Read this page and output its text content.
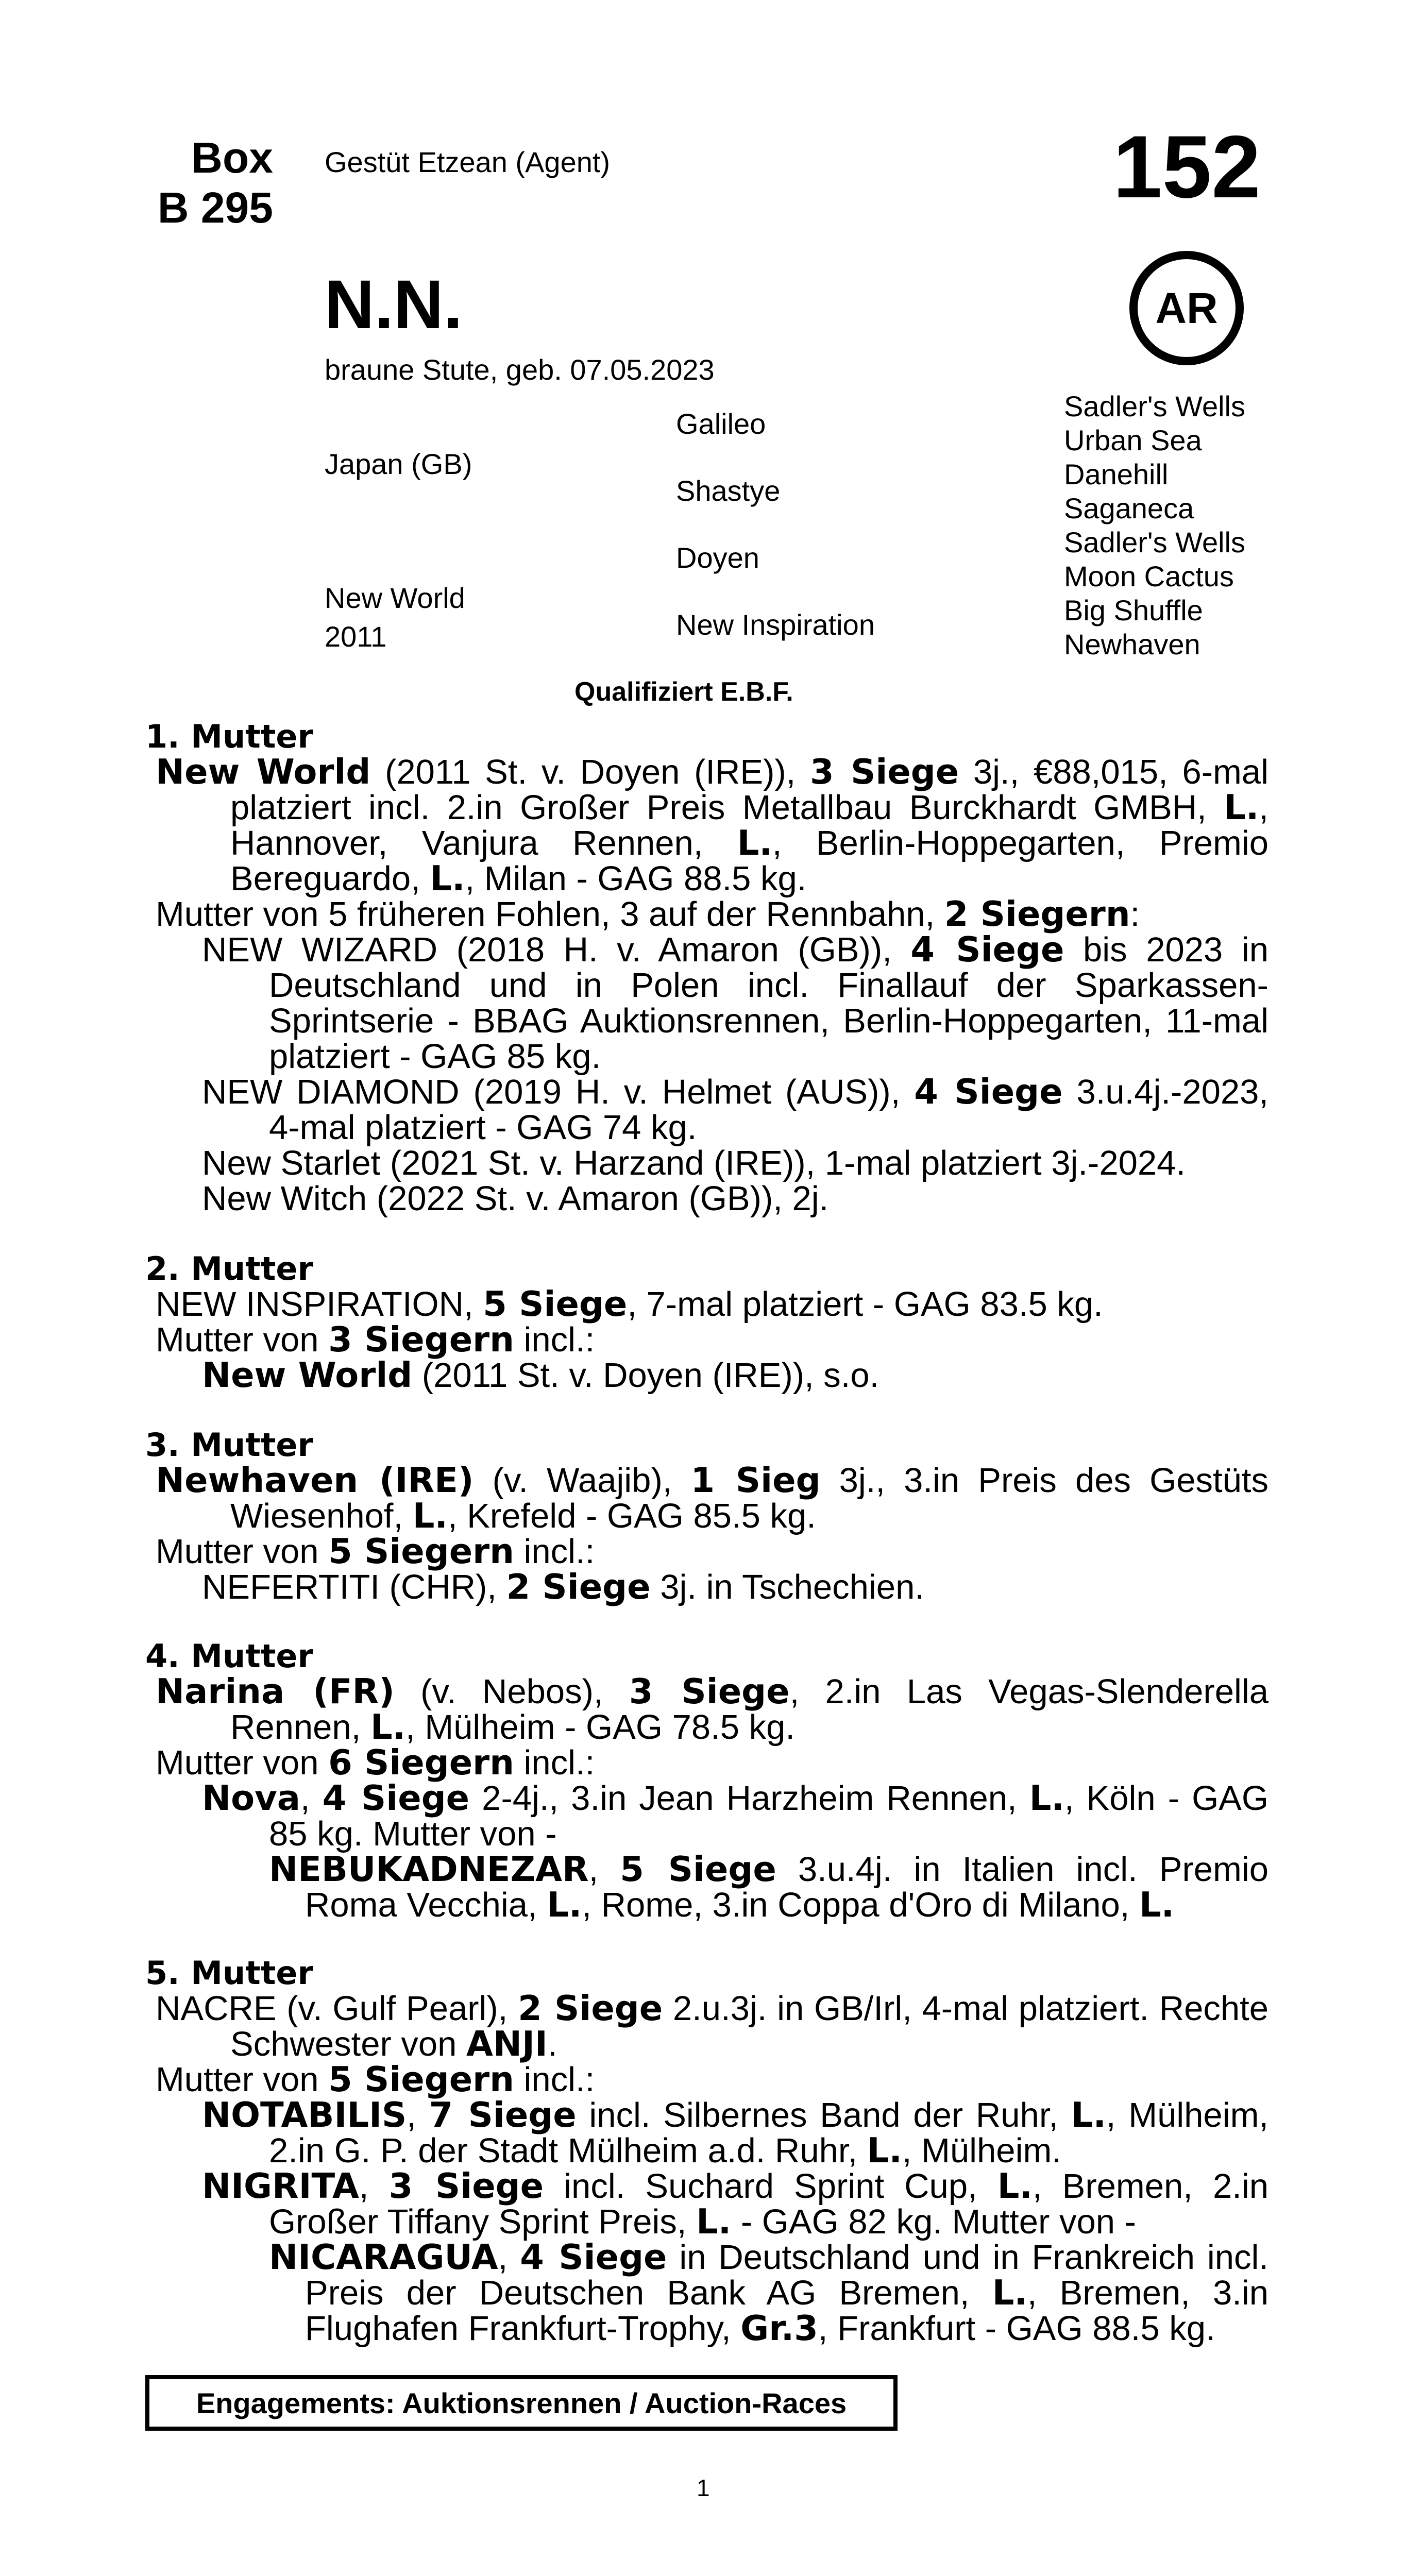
Box
B 295
Gestüt Etzean (Agent)	152
AR
N.N.
braune Stute, geb. 07.05.2023
Japan (GB)
New World
2011
Galileo
Shastye
Doyen
New Inspiration
Sadler's Wells
Urban Sea
Danehill
Saganeca
Sadler's Wells
Moon Cactus
Big Shuffle
Newhaven
Qualifiziert E.B.F.

1. Mutter

New World (2011 St. v. Doyen (IRE)), 3 Siege 3j., €88,015, 6-mal platziert incl. 2.in Großer Preis Metallbau Burckhardt GMBH, L., Hannover, Vanjura Rennen, L., Berlin-Hoppegarten, Premio Bereguardo, L., Milan - GAG 88.5 kg.

Mutter von 5 früheren Fohlen, 3 auf der Rennbahn, 2 Siegern:

NEW WIZARD (2018 H. v. Amaron (GB)), 4 Siege bis 2023 in Deutschland und in Polen incl. Finallauf der Sparkassen-Sprintserie - BBAG Auktionsrennen, Berlin-Hoppegarten, 11-mal platziert - GAG 85 kg.

NEW DIAMOND (2019 H. v. Helmet (AUS)), 4 Siege 3.u.4j.-2023, 4-mal platziert - GAG 74 kg.

New Starlet (2021 St. v. Harzand (IRE)), 1-mal platziert 3j.-2024.

New Witch (2022 St. v. Amaron (GB)), 2j.

2. Mutter

NEW INSPIRATION, 5 Siege, 7-mal platziert - GAG 83.5 kg.

Mutter von 3 Siegern incl.:

New World (2011 St. v. Doyen (IRE)), s.o.

3. Mutter

Newhaven (IRE) (v. Waajib), 1 Sieg 3j., 3.in Preis des Gestüts Wiesenhof, L., Krefeld - GAG 85.5 kg.

Mutter von 5 Siegern incl.:

NEFERTITI (CHR), 2 Siege 3j. in Tschechien.

4. Mutter

Narina (FR) (v. Nebos), 3 Siege, 2.in Las Vegas-Slenderella Rennen, L., Mülheim - GAG 78.5 kg.

Mutter von 6 Siegern incl.:

Nova, 4 Siege 2-4j., 3.in Jean Harzheim Rennen, L., Köln - GAG 85 kg. Mutter von -

NEBUKADNEZAR, 5 Siege 3.u.4j. in Italien incl. Premio Roma Vecchia, L., Rome, 3.in Coppa d'Oro di Milano, L.

5. Mutter

NACRE (v. Gulf Pearl), 2 Siege 2.u.3j. in GB/Irl, 4-mal platziert. Rechte Schwester von ANJI.

Mutter von 5 Siegern incl.:

NOTABILIS, 7 Siege incl. Silbernes Band der Ruhr, L., Mülheim, 2.in G. P. der Stadt Mülheim a.d. Ruhr, L., Mülheim.

NIGRITA, 3 Siege incl. Suchard Sprint Cup, L., Bremen, 2.in Großer Tiffany Sprint Preis, L. - GAG 82 kg. Mutter von -

NICARAGUA, 4 Siege in Deutschland und in Frankreich incl. Preis der Deutschen Bank AG Bremen, L., Bremen, 3.in Flughafen Frankfurt-Trophy, Gr.3, Frankfurt - GAG 88.5 kg.

Engagements: Auktionsrennen / Auction-Races
1
